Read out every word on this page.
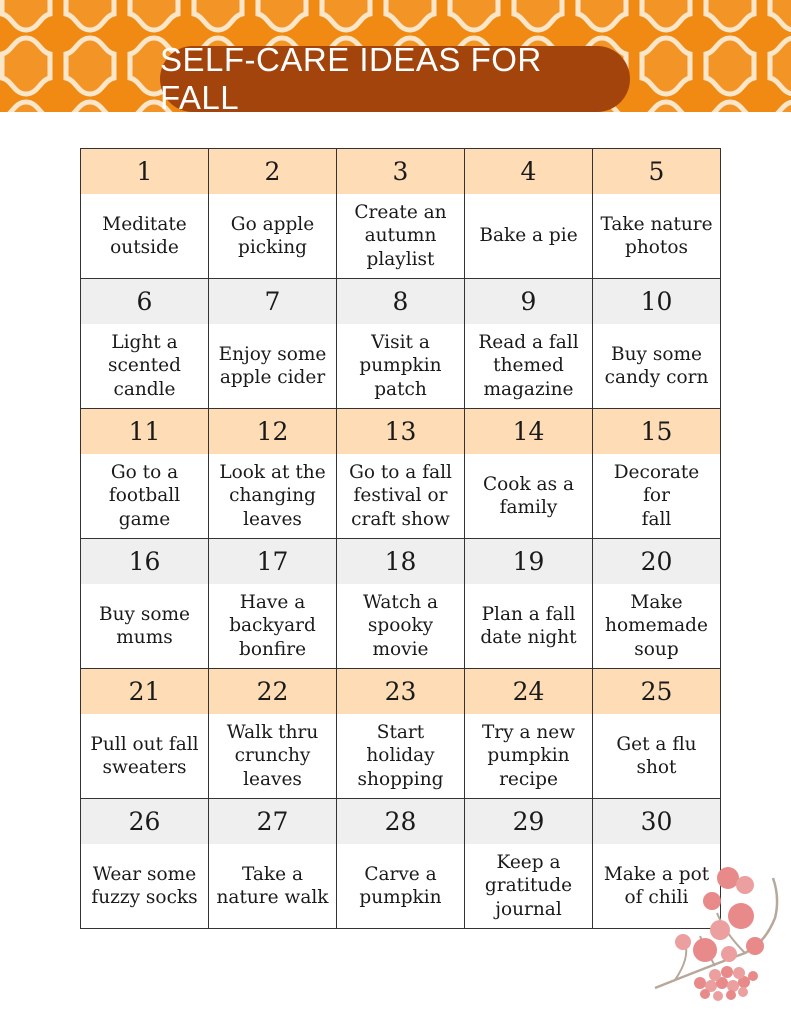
SELF-CARE IDEAS FOR FALL
1
Meditate
outside
2
Go apple
picking
3
Create an
autumn
playlist
4
Bake a pie
5
Take nature
photos
6
Light a
scented
candle
7
Enjoy some
apple cider
8
Visit a
pumpkin
patch
9
Read a fall
themed
magazine
10
Buy some
candy corn
11
Go to a
football
game
12
Look at the
changing
leaves
13
Go to a fall
festival or
craft show
14
Cook as a
family
15
Decorate for
fall
16
Buy some
mums
17
Have a
backyard
bonfire
18
Watch a
spooky
movie
19
Plan a fall
date night
20
Make
homemade
soup
21
Pull out fall
sweaters
22
Walk thru
crunchy
leaves
23
Start holiday
shopping
24
Try a new
pumpkin
recipe
25
Get a flu shot
26
Wear some
fuzzy socks
27
Take a
nature walk
28
Carve a
pumpkin
29
Keep a
gratitude
journal
30
Make a pot
of chili
